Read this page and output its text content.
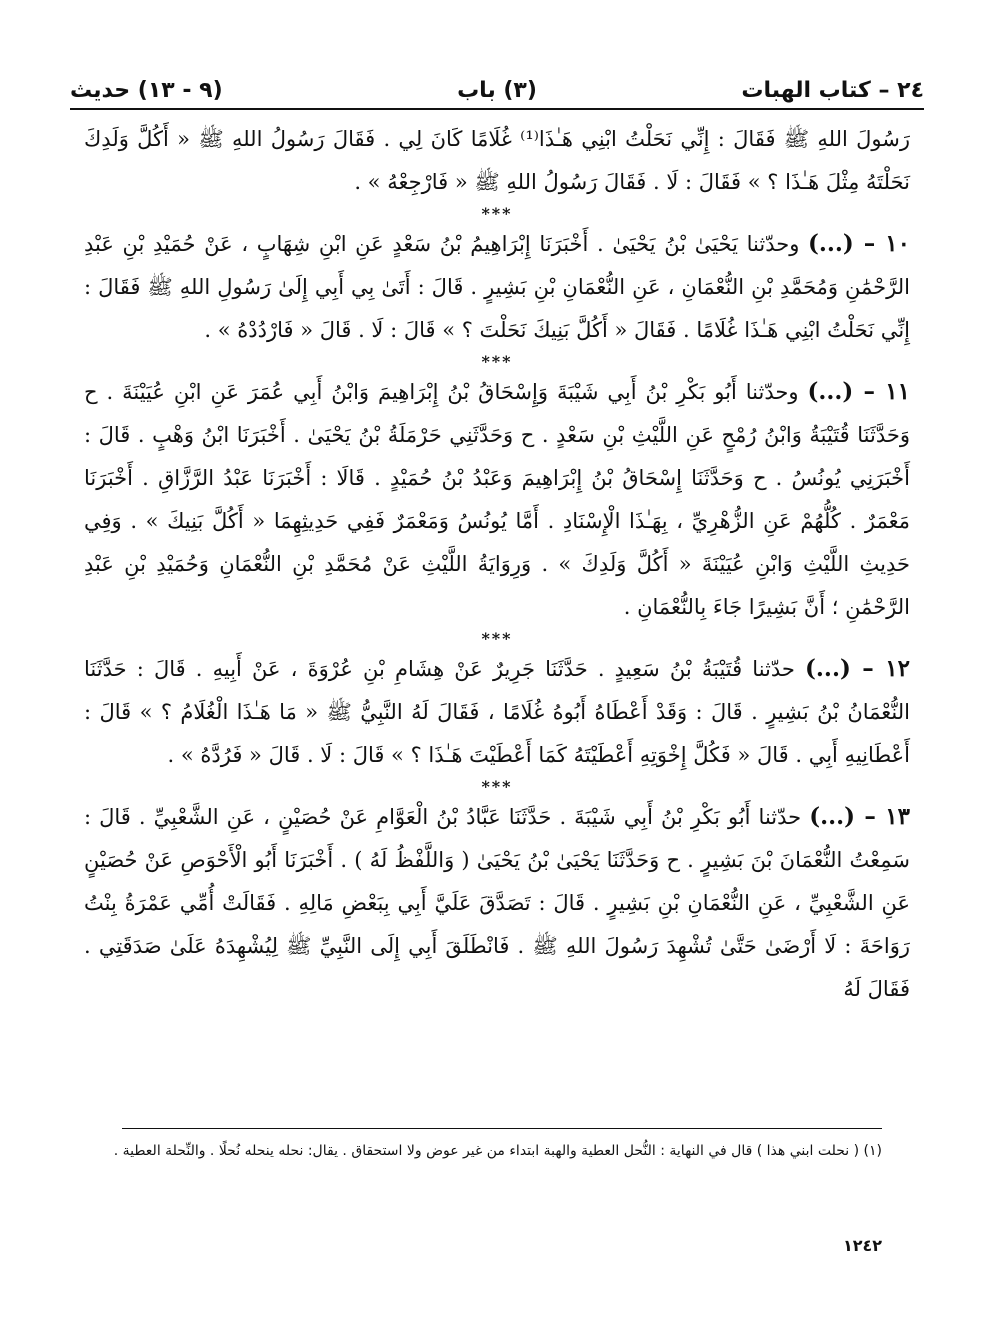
٢٤ – كتاب الهبات
(٣) باب
(٩ - ١٣) حديث

رَسُولَ اللهِ ﷺ فَقَالَ : إِنِّي نَحَلْتُ ابْنِي هَـٰذَا⁽¹⁾ غُلَامًا كَانَ لِي . فَقَالَ رَسُولُ اللهِ ﷺ « أَكُلَّ وَلَدِكَ نَحَلْتَهُ مِثْلَ هَـٰذَا ؟ » فَقَالَ : لَا . فَقَالَ رَسُولُ اللهِ ﷺ « فَارْجِعْهُ » .

***

١٠ – (...) وحدّثنا يَحْيَىٰ بْنُ يَحْيَىٰ . أَخْبَرَنَا إِبْرَاهِيمُ بْنُ سَعْدٍ عَنِ ابْنِ شِهَابٍ ، عَنْ حُمَيْدِ بْنِ عَبْدِ الرَّحْمَٰنِ وَمُحَمَّدِ بْنِ النُّعْمَانِ ، عَنِ النُّعْمَانِ بْنِ بَشِيرٍ . قَالَ : أَتَىٰ بِي أَبِي إِلَىٰ رَسُولِ اللهِ ﷺ فَقَالَ : إِنِّي نَحَلْتُ ابْنِي هَـٰذَا غُلَامًا . فَقَالَ « أَكُلَّ بَنِيكَ نَحَلْتَ ؟ » قَالَ : لَا . قَالَ « فَارْدُدْهُ » .

***

١١ – (...) وحدّثنا أَبُو بَكْرِ بْنُ أَبِي شَيْبَةَ وَإِسْحَاقُ بْنُ إِبْرَاهِيمَ وَابْنُ أَبِي عُمَرَ عَنِ ابْنِ عُيَيْنَةَ . ح وَحَدَّثَنَا قُتَيْبَةُ وَابْنُ رُمْحٍ عَنِ اللَّيْثِ بْنِ سَعْدٍ . ح وَحَدَّثَنِي حَرْمَلَةُ بْنُ يَحْيَىٰ . أَخْبَرَنَا ابْنُ وَهْبٍ . قَالَ : أَخْبَرَنِي يُونُسُ . ح وَحَدَّثَنَا إِسْحَاقُ بْنُ إِبْرَاهِيمَ وَعَبْدُ بْنُ حُمَيْدٍ . قَالَا : أَخْبَرَنَا عَبْدُ الرَّزَّاقِ . أَخْبَرَنَا مَعْمَرٌ . كُلُّهُمْ عَنِ الزُّهْرِيِّ ، بِهَـٰذَا الْإِسْنَادِ . أَمَّا يُونُسُ وَمَعْمَرٌ فَفِي حَدِيثِهِمَا « أَكُلَّ بَنِيكَ » . وَفِي حَدِيثِ اللَّيْثِ وَابْنِ عُيَيْنَةَ « أَكُلَّ وَلَدِكَ » . وَرِوَايَةُ اللَّيْثِ عَنْ مُحَمَّدِ بْنِ النُّعْمَانِ وَحُمَيْدِ بْنِ عَبْدِ الرَّحْمَٰنِ ؛ أَنَّ بَشِيرًا جَاءَ بِالنُّعْمَانِ .

***

١٢ – (...) حدّثنا قُتَيْبَةُ بْنُ سَعِيدٍ . حَدَّثَنَا جَرِيرٌ عَنْ هِشَامِ بْنِ عُرْوَةَ ، عَنْ أَبِيهِ . قَالَ : حَدَّثَنَا النُّعْمَانُ بْنُ بَشِيرٍ . قَالَ : وَقَدْ أَعْطَاهُ أَبُوهُ غُلَامًا ، فَقَالَ لَهُ النَّبِيُّ ﷺ « مَا هَـٰذَا الْغُلَامُ ؟ » قَالَ : أَعْطَانِيهِ أَبِي . قَالَ « فَكُلَّ إِخْوَتِهِ أَعْطَيْتَهُ كَمَا أَعْطَيْتَ هَـٰذَا ؟ » قَالَ : لَا . قَالَ « فَرُدَّهُ » .

***

١٣ – (...) حدّثنا أَبُو بَكْرِ بْنُ أَبِي شَيْبَةَ . حَدَّثَنَا عَبَّادُ بْنُ الْعَوَّامِ عَنْ حُصَيْنٍ ، عَنِ الشَّعْبِيِّ . قَالَ : سَمِعْتُ النُّعْمَانَ بْنَ بَشِيرٍ . ح وَحَدَّثَنَا يَحْيَىٰ بْنُ يَحْيَىٰ ( وَاللَّفْظُ لَهُ ) . أَخْبَرَنَا أَبُو الْأَحْوَصِ عَنْ حُصَيْنٍ عَنِ الشَّعْبِيِّ ، عَنِ النُّعْمَانِ بْنِ بَشِيرٍ . قَالَ : تَصَدَّقَ عَلَيَّ أَبِي بِبَعْضِ مَالِهِ . فَقَالَتْ أُمِّي عَمْرَةُ بِنْتُ رَوَاحَةَ : لَا أَرْضَىٰ حَتَّىٰ تُشْهِدَ رَسُولَ اللهِ ﷺ . فَانْطَلَقَ أَبِي إِلَى النَّبِيِّ ﷺ لِيُشْهِدَهُ عَلَىٰ صَدَقَتِي . فَقَالَ لَهُ

(١) ( نحلت ابني هذا ) قال في النهاية : النُّحل العطية والهبة ابتداء من غير عوض ولا استحقاق . يقال: نحله ينحله نُحلًا . والنِّحلة العطية .

١٢٤٢
